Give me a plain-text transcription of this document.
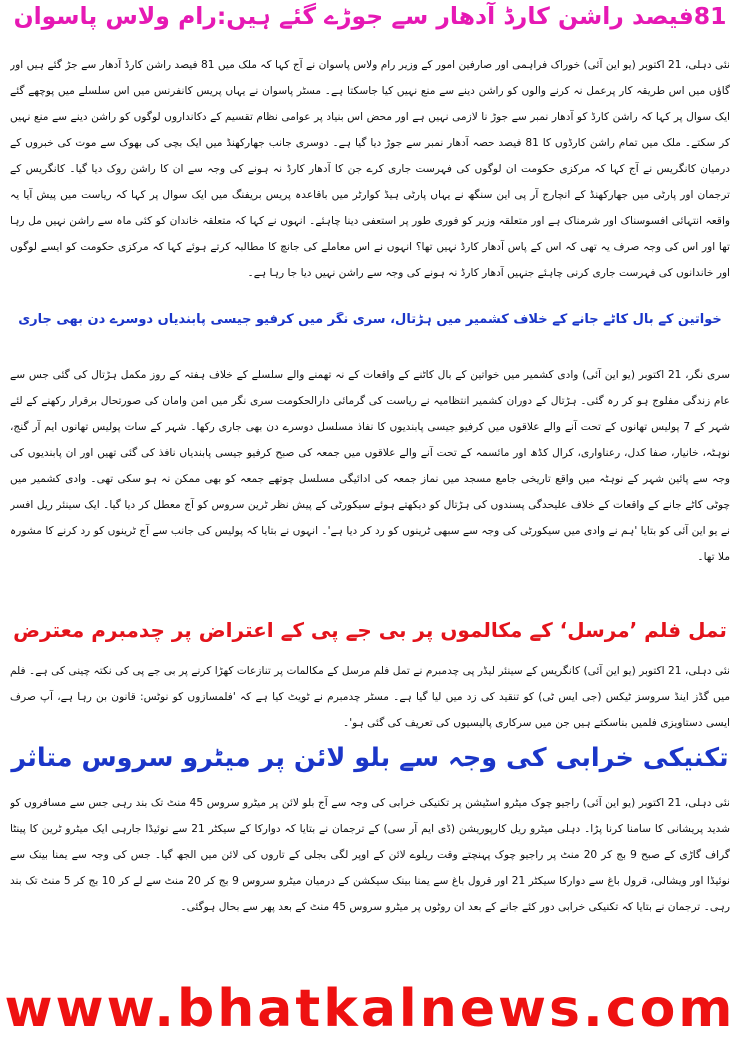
81فیصد راشن کارڈ آدھار سے جوڑے گئے ہیں:رام ولاس پاسوان
نئی دہلی، 21 اکتوبر (یو این آئی) خوراک فراہمی اور صارفین امور کے وزیر رام ولاس پاسوان نے آج کہا کہ ملک میں 81 فیصد راشن کارڈ آدھار سے جڑ گئے ہیں اور گاؤں میں اس طریقہ کار پرعمل نہ کرنے والوں کو راشن دینے سے منع نہیں کیا جاسکتا ہے۔ مسٹر پاسوان نے یہاں پریس کانفرنس میں اس سلسلے میں پوچھے گئے ایک سوال پر کہا کہ راشن کارڈ کو آدھار نمبر سے جوڑ نا لازمی نہیں ہے اور محض اس بنیاد پر عوامی نظام تقسیم کے دکانداروں لوگوں کو راشن دینے سے منع نہیں کر سکتے۔ ملک میں تمام راشن کارڈوں کا 81 فیصد حصہ آدھار نمبر سے جوڑ دیا گیا ہے۔ دوسری جانب جھارکھنڈ میں ایک بچی کی بھوک سے موت کی خبروں کے درمیان کانگریس نے آج کہا کہ مرکزی حکومت ان لوگوں کی فہرست جاری کرے جن کا آدھار کارڈ نہ ہونے کی وجہ سے ان کا راشن روک دیا گیا۔ کانگریس کے ترجمان اور پارٹی میں جھارکھنڈ کے انچارج آر پی این سنگھ نے یہاں پارٹی ہیڈ کوارٹر میں باقاعدہ پریس بریفنگ میں ایک سوال پر کہا کہ ریاست میں پیش آیا یہ واقعہ انتہائی افسوسناک اور شرمناک ہے اور متعلقہ وزیر کو فوری طور پر استعفی دینا چاہئے۔ انہوں نے کہا کہ متعلقہ خاندان کو کئی ماہ سے راشن نہیں مل رہا تھا اور اس کی وجہ صرف یہ تھی کہ اس کے پاس آدھار کارڈ نہیں تھا؟ انہوں نے اس معاملے کی جانچ کا مطالبہ کرتے ہوئے کہا کہ مرکزی حکومت کو ایسے لوگوں اور خاندانوں کی فہرست جاری کرنی چاہئے جنہیں آدھار کارڈ نہ ہونے کی وجہ سے راشن نہیں دیا جا رہا ہے۔
خواتین کے بال کاٹے جانے کے خلاف کشمیر میں ہڑتال، سری نگر میں کرفیو جیسی پابندیاں دوسرے دن بھی جاری
سری نگر، 21 اکتوبر (یو این آئی) وادی کشمیر میں خواتین کے بال کاٹنے کے واقعات کے نہ تھمنے والے سلسلے کے خلاف ہفتہ کے روز مکمل ہڑتال کی گئی جس سے عام زندگی مفلوج ہو کر رہ گئی۔ ہڑتال کے دوران کشمیر انتظامیہ نے ریاست کی گرمائی دارالحکومت سری نگر میں امن وامان کی صورتحال برقرار رکھنے کے لئے شہر کے 7 پولیس تھانوں کے تحت آنے والے علاقوں میں کرفیو جیسی پابندیوں کا نفاذ مسلسل دوسرے دن بھی جاری رکھا۔ شہر کے سات پولیس تھانوں ایم آر گنج، نوہٹہ، خانیار، صفا کدل، رعناواری، کرال کڈھ اور مائسمہ کے تحت آنے والے علاقوں میں جمعہ کی صبح کرفیو جیسی پابندیاں نافذ کی گئی تھیں اور ان پابندیوں کی وجہ سے پائین شہر کے نوہٹہ میں واقع تاریخی جامع مسجد میں نماز جمعہ کی ادائیگی مسلسل چوتھے جمعہ کو بھی ممکن نہ ہو سکی تھی۔ وادی کشمیر میں چوٹی کاٹے جانے کے واقعات کے خلاف علیحدگی پسندوں کی ہڑتال کو دیکھتے ہوئے سیکورٹی کے پیش نظر ٹرین سروس کو آج معطل کر دیا گیا۔ ایک سینئر ریل افسر نے یو این آئی کو بتایا 'ہم نے وادی میں سیکورٹی کی وجہ سے سبھی ٹرینوں کو رد کر دیا ہے'۔ انہوں نے بتایا کہ پولیس کی جانب سے آج ٹرینوں کو رد کرنے کا مشورہ ملا تھا۔
تمل فلم ’مرسل‘ کے مکالموں پر بی جے پی کے اعتراض پر چدمبرم معترض
نئی دہلی، 21 اکتوبر (یو این آئی) کانگریس کے سینئر لیڈر پی چدمبرم نے تمل فلم مرسل کے مکالمات پر تنازعات کھڑا کرنے پر بی جے پی کی نکتہ چینی کی ہے۔ فلم میں گڈز اینڈ سروسز ٹیکس (جی ایس ٹی) کو تنقید کی زد میں لیا گیا ہے۔ مسٹر چدمبرم نے ٹویٹ کیا ہے کہ 'فلمسازوں کو نوٹس: قانون بن رہا ہے، آپ صرف ایسی دستاویزی فلمیں بناسکتے ہیں جن میں سرکاری پالیسیوں کی تعریف کی گئی ہو'۔
تکنیکی خرابی کی وجہ سے بلو لائن پر میٹرو سروس متاثر
نئی دہلی، 21 اکتوبر (یو این آئی) راجیو چوک میٹرو اسٹیشن پر تکنیکی خرابی کی وجہ سے آج بلو لائن پر میٹرو سروس 45 منٹ تک بند رہی جس سے مسافروں کو شدید پریشانی کا سامنا کرنا پڑا۔ دہلی میٹرو ریل کارپوریشن (ڈی ایم آر سی) کے ترجمان نے بتایا کہ دوارکا کے سیکٹر 21 سے نوئیڈا جارہی ایک میٹرو ٹرین کا پینٹا گراف گاڑی کے صبح 9 بج کر 20 منٹ پر راجیو چوک پہنچتے وقت ریلوے لائن کے اوپر لگی بجلی کے تاروں کی لائن میں الجھ گیا۔ جس کی وجہ سے یمنا بینک سے نوئیڈا اور ویشالی، قرول باغ سے دوارکا سیکٹر 21 اور قرول باغ سے یمنا بینک سیکشن کے درمیان میٹرو سروس 9 بج کر 20 منٹ سے لے کر 10 بج کر 5 منٹ تک بند رہی۔ ترجمان نے بتایا کہ تکنیکی خرابی دور کئے جانے کے بعد ان روٹوں پر میٹرو سروس 45 منٹ کے بعد پھر سے بحال ہوگئی۔
www.bhatkalnews.com
